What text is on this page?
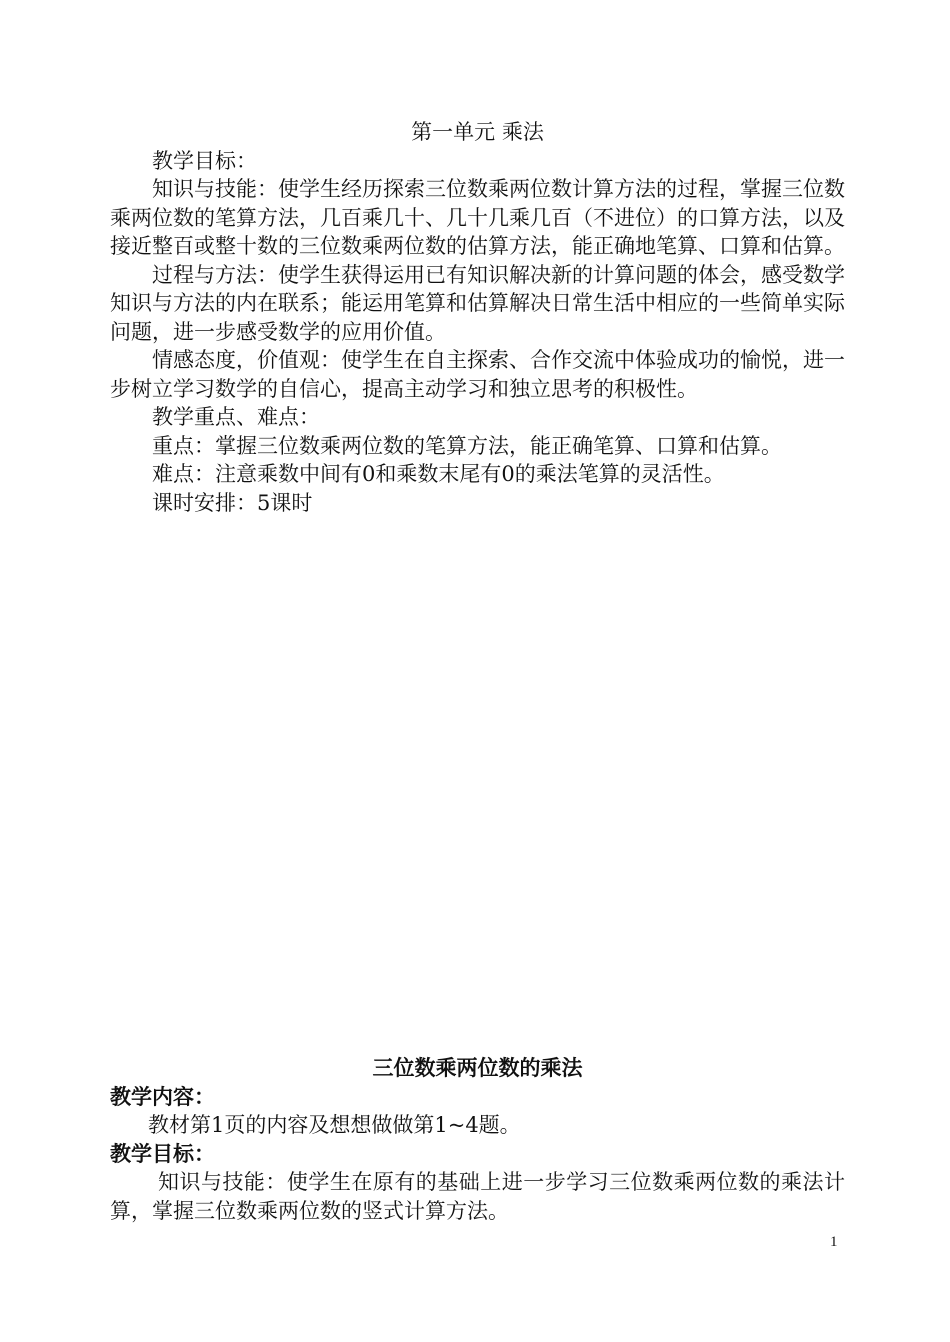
第一单元 乘法

教学目标：

知识与技能：使学生经历探索三位数乘两位数计算方法的过程，掌握三位数乘两位数的笔算方法，几百乘几十、几十几乘几百（不进位）的口算方法，以及接近整百或整十数的三位数乘两位数的估算方法，能正确地笔算、口算和估算。

过程与方法：使学生获得运用已有知识解决新的计算问题的体会，感受数学知识与方法的内在联系；能运用笔算和估算解决日常生活中相应的一些简单实际问题，进一步感受数学的应用价值。

情感态度，价值观：使学生在自主探索、合作交流中体验成功的愉悦，进一步树立学习数学的自信心，提高主动学习和独立思考的积极性。

教学重点、难点：

重点：掌握三位数乘两位数的笔算方法，能正确笔算、口算和估算。

难点：注意乘数中间有0和乘数末尾有0的乘法笔算的灵活性。

课时安排：5课时

三位数乘两位数的乘法

教学内容：

教材第1页的内容及想想做做第1~4题。

教学目标：

知识与技能：使学生在原有的基础上进一步学习三位数乘两位数的乘法计算，掌握三位数乘两位数的竖式计算方法。

1
